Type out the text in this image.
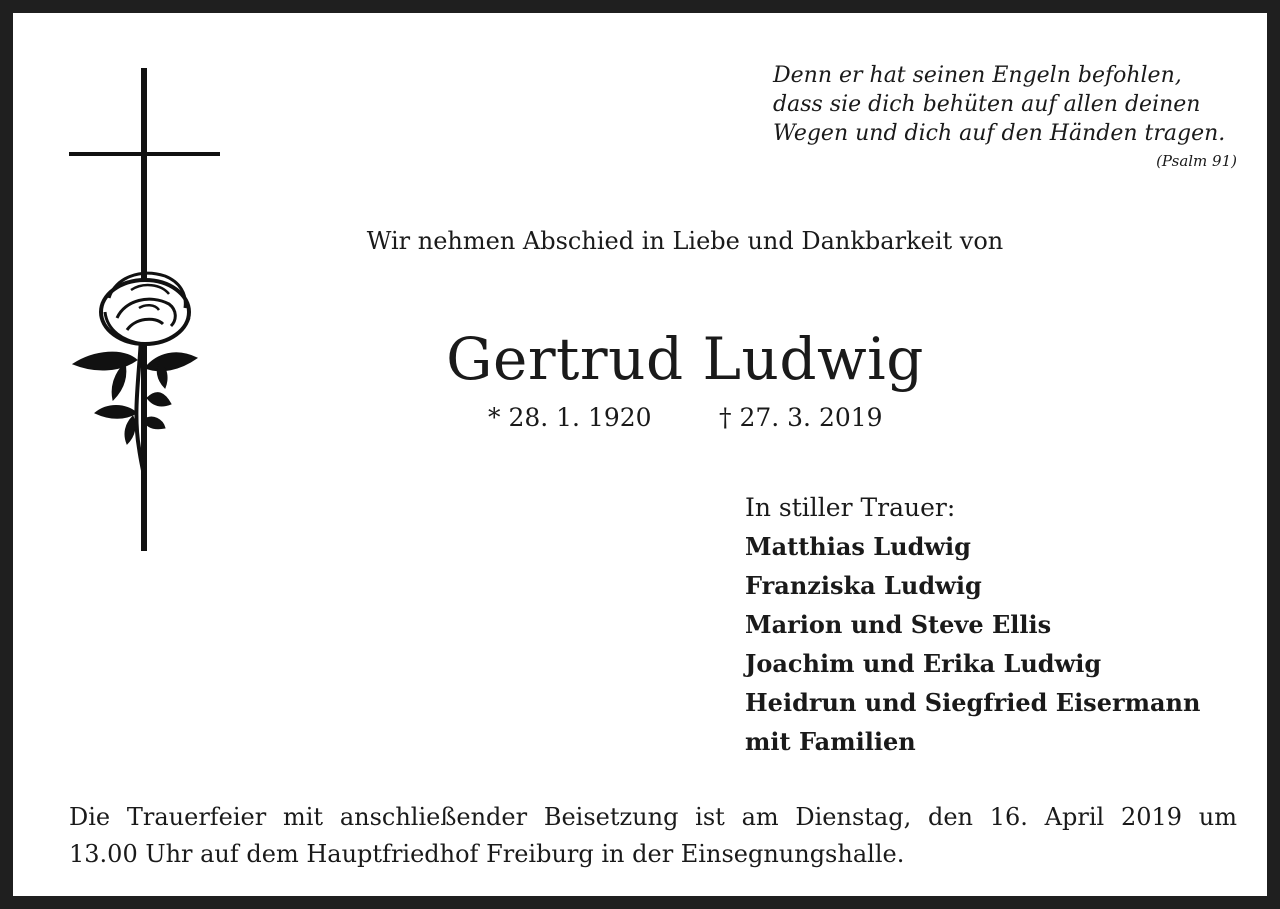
Denn er hat seinen Engeln befohlen,
dass sie dich behüten auf allen deinen
Wegen und dich auf den Händen tragen.
(Psalm 91)
Wir nehmen Abschied in Liebe und Dankbarkeit von
Gertrud Ludwig
* 28. 1. 1920	† 27. 3. 2019
In stiller Trauer:
Matthias Ludwig
Franziska Ludwig
Marion und Steve Ellis
Joachim und Erika Ludwig
Heidrun und Siegfried Eisermann
mit Familien
Die Trauerfeier mit anschließender Beisetzung ist am Dienstag, den 16. April 2019 um
13.00 Uhr auf dem Hauptfriedhof Freiburg in der Einsegnungshalle.
